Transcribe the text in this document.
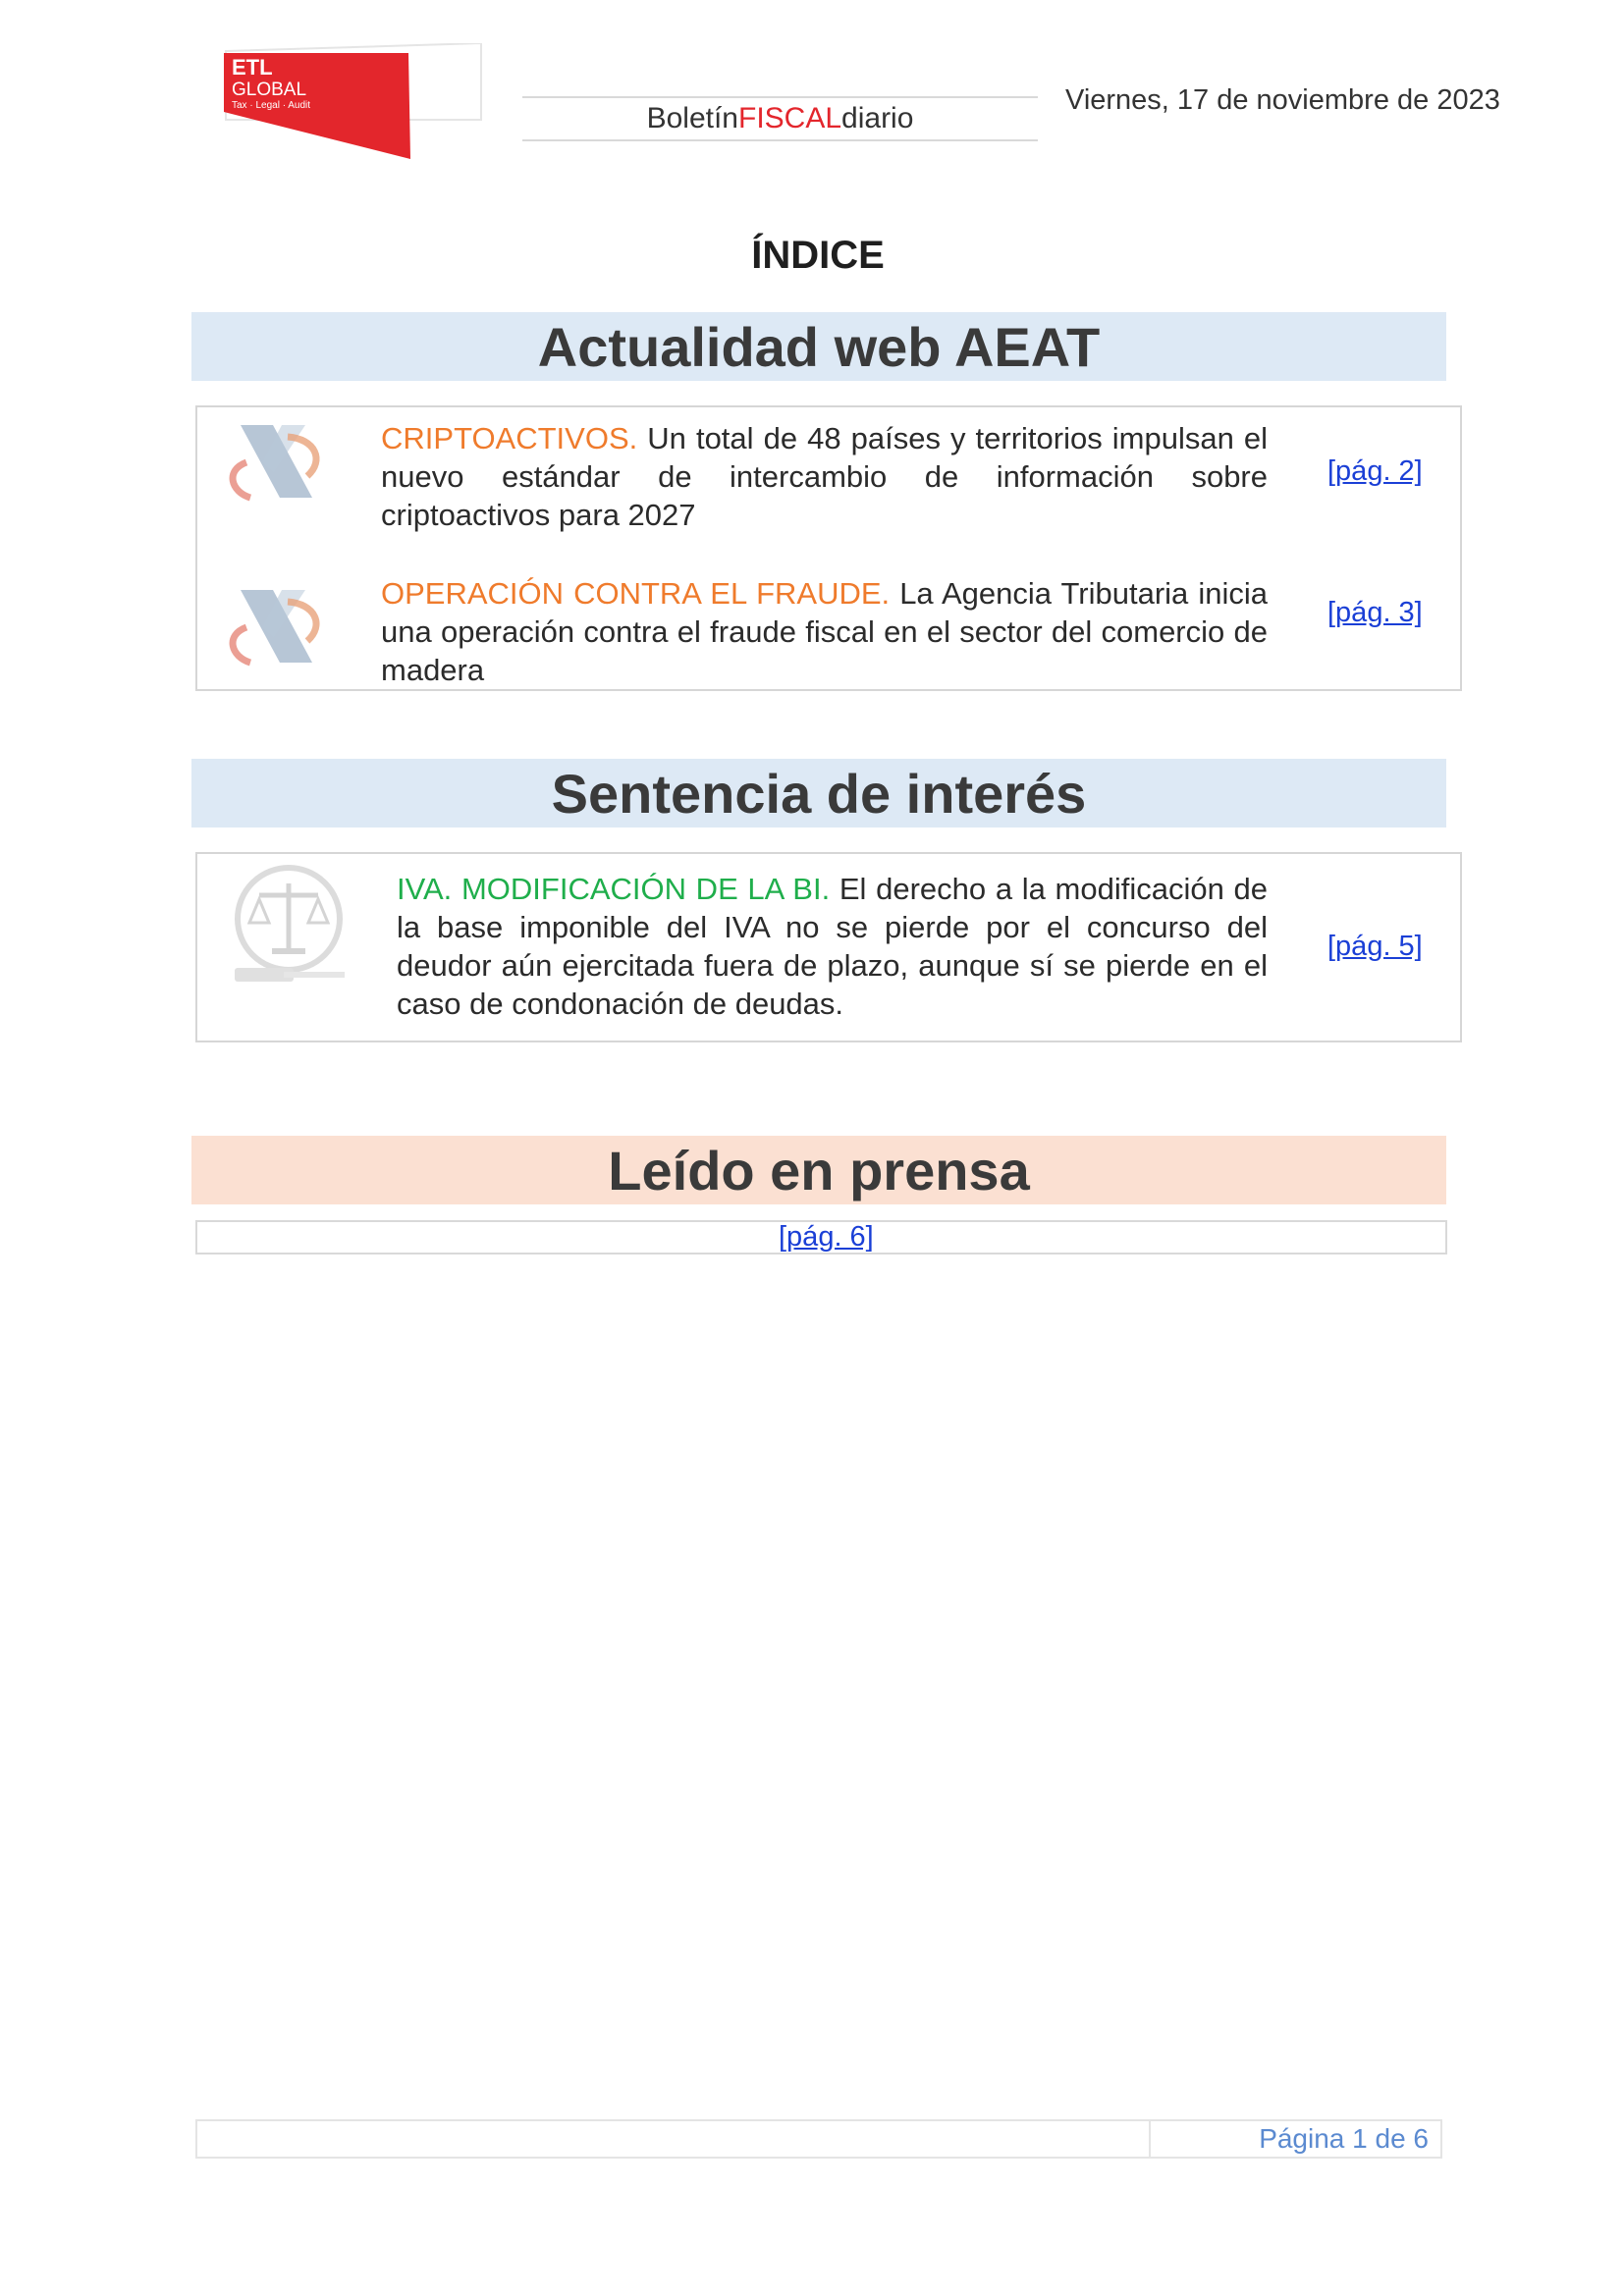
ETL
GLOBAL
Tax · Legal · Audit	Boletín FISCAL diario
Viernes, 17 de noviembre de 2023
ÍNDICE
Actualidad web AEAT
CRIPTOACTIVOS. Un total de 48 países y territorios impulsan el nuevo estándar de intercambio de información sobre criptoactivos para 2027
[pág. 2]
OPERACIÓN CONTRA EL FRAUDE. La Agencia Tributaria inicia una operación contra el fraude fiscal en el sector del comercio de madera
[pág. 3]
Sentencia de interés
IVA. MODIFICACIÓN DE LA BI. El derecho a la modificación de la base imponible del IVA no se pierde por el concurso del deudor aún ejercitada fuera de plazo, aunque sí se pierde en el caso de condonación de deudas.
[pág. 5]
Leído en prensa
[pág. 6]
Página 1 de 6
